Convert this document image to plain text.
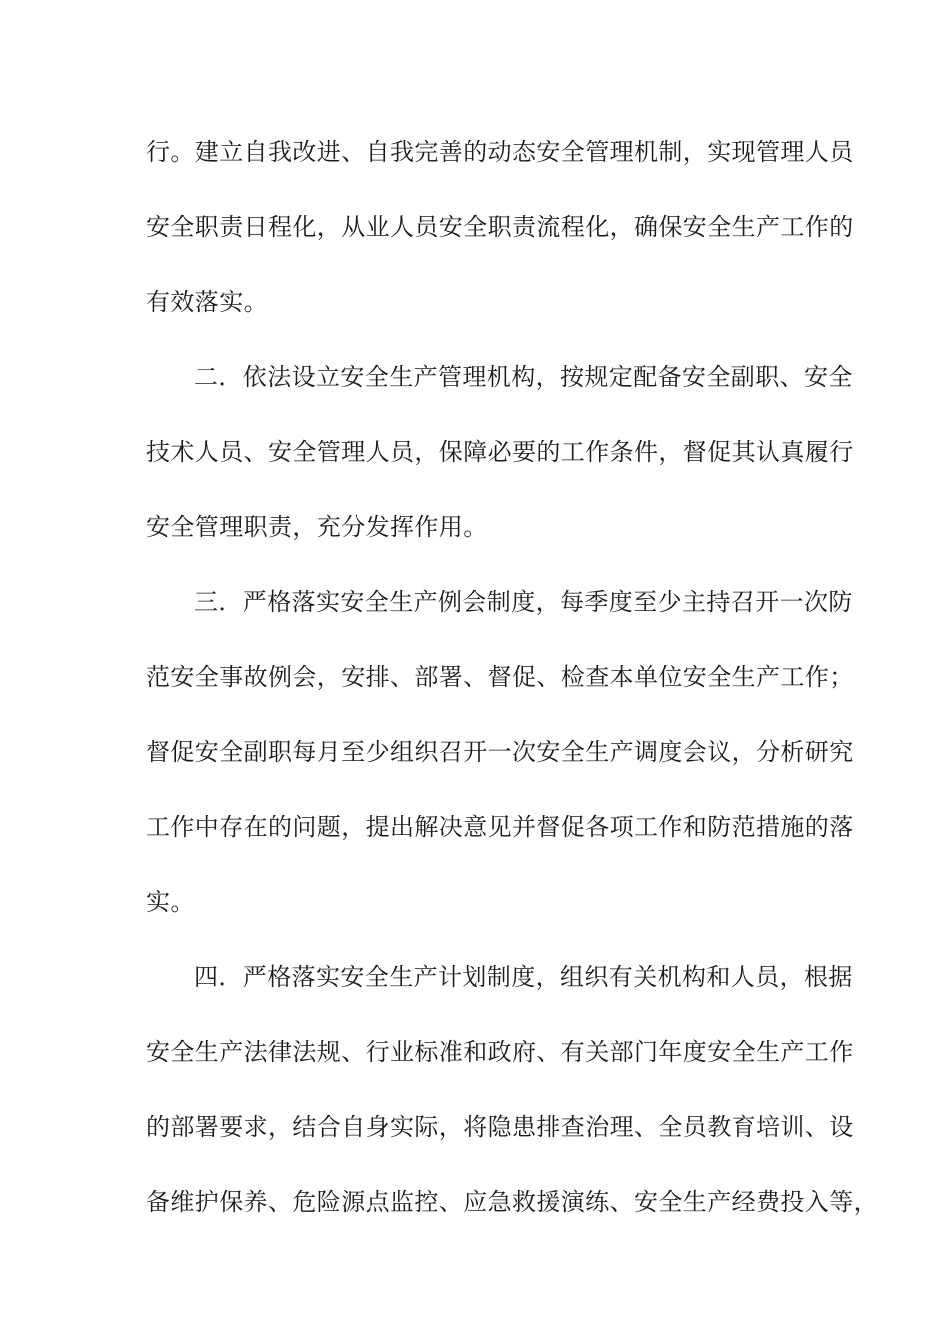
行。建立自我改进、自我完善的动态安全管理机制，实现管理人员
安全职责日程化，从业人员安全职责流程化，确保安全生产工作的
有效落实。
二．依法设立安全生产管理机构，按规定配备安全副职、安全
技术人员、安全管理人员，保障必要的工作条件，督促其认真履行
安全管理职责，充分发挥作用。
三．严格落实安全生产例会制度，每季度至少主持召开一次防
范安全事故例会，安排、部署、督促、检查本单位安全生产工作；
督促安全副职每月至少组织召开一次安全生产调度会议，分析研究
工作中存在的问题，提出解决意见并督促各项工作和防范措施的落
实。
四．严格落实安全生产计划制度，组织有关机构和人员，根据
安全生产法律法规、行业标准和政府、有关部门年度安全生产工作
的部署要求，结合自身实际，将隐患排查治理、全员教育培训、设
备维护保养、危险源点监控、应急救援演练、安全生产经费投入等，
